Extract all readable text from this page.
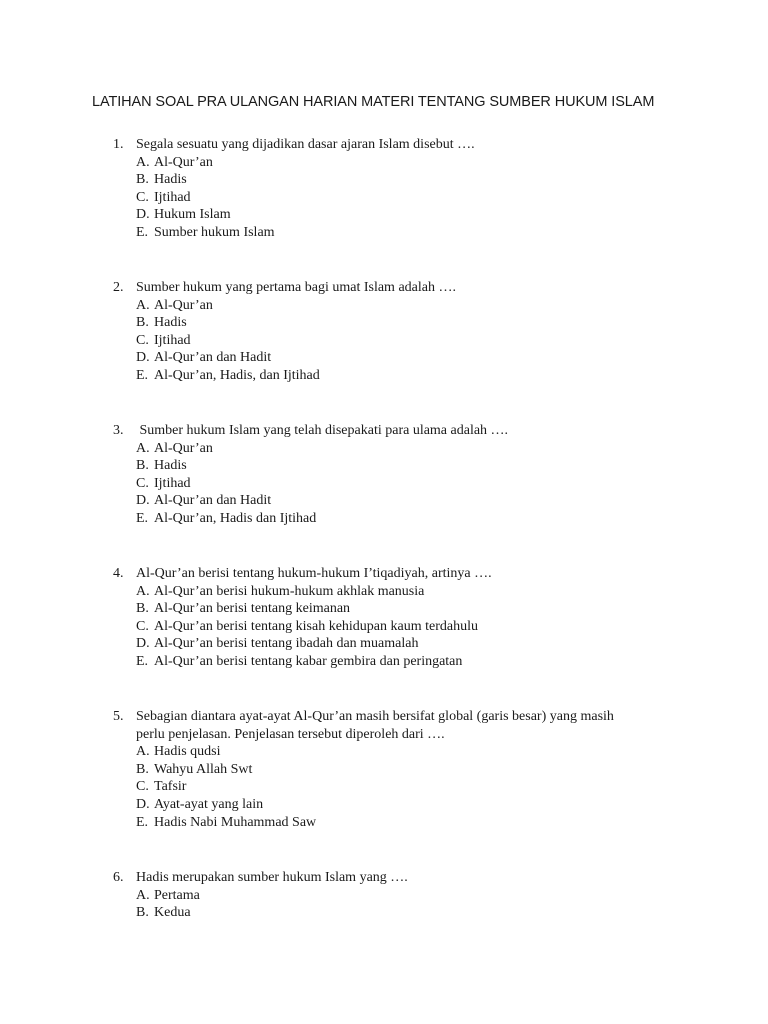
LATIHAN SOAL PRA ULANGAN HARIAN MATERI TENTANG SUMBER HUKUM ISLAM
1. Segala sesuatu yang dijadikan dasar ajaran Islam disebut ….
A. Al-Qur’an
B. Hadis
C. Ijtihad
D. Hukum Islam
E. Sumber hukum Islam
2. Sumber hukum yang pertama bagi umat Islam adalah ….
A. Al-Qur’an
B. Hadis
C. Ijtihad
D. Al-Qur’an dan Hadit
E. Al-Qur’an, Hadis, dan Ijtihad
3. Sumber hukum Islam yang telah disepakati para ulama adalah ….
A. Al-Qur’an
B. Hadis
C. Ijtihad
D. Al-Qur’an dan Hadit
E. Al-Qur’an, Hadis dan Ijtihad
4. Al-Qur’an berisi tentang hukum-hukum I’tiqadiyah, artinya ….
A. Al-Qur’an berisi hukum-hukum akhlak manusia
B. Al-Qur’an berisi tentang keimanan
C. Al-Qur’an berisi tentang kisah kehidupan kaum terdahulu
D. Al-Qur’an berisi tentang ibadah dan muamalah
E. Al-Qur’an berisi tentang kabar gembira dan peringatan
5. Sebagian diantara ayat-ayat Al-Qur’an masih bersifat global (garis besar) yang masih
perlu penjelasan. Penjelasan tersebut diperoleh dari ….
A. Hadis qudsi
B. Wahyu Allah Swt
C. Tafsir
D. Ayat-ayat yang lain
E. Hadis Nabi Muhammad Saw
6. Hadis merupakan sumber hukum Islam yang ….
A. Pertama
B. Kedua
